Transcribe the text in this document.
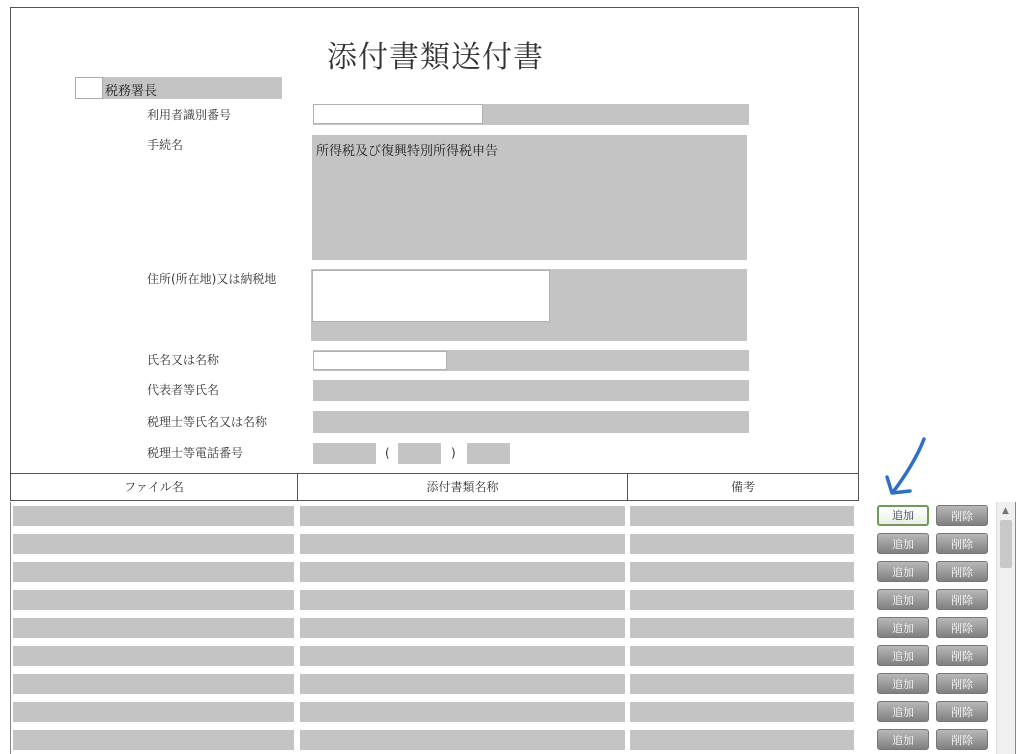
添付書類送付書
税務署長
利用者識別番号
手続名	所得税及び復興特別所得税申告
住所(所在地)又は納税地
氏名又は名称
代表者等氏名
税理士等氏名又は名称
税理士等電話番号	(	)
ファイル名	添付書類名称	備考
追加	削除
追加	削除
追加	削除
追加	削除
追加	削除
追加	削除
追加	削除
追加	削除
追加	削除
▲
